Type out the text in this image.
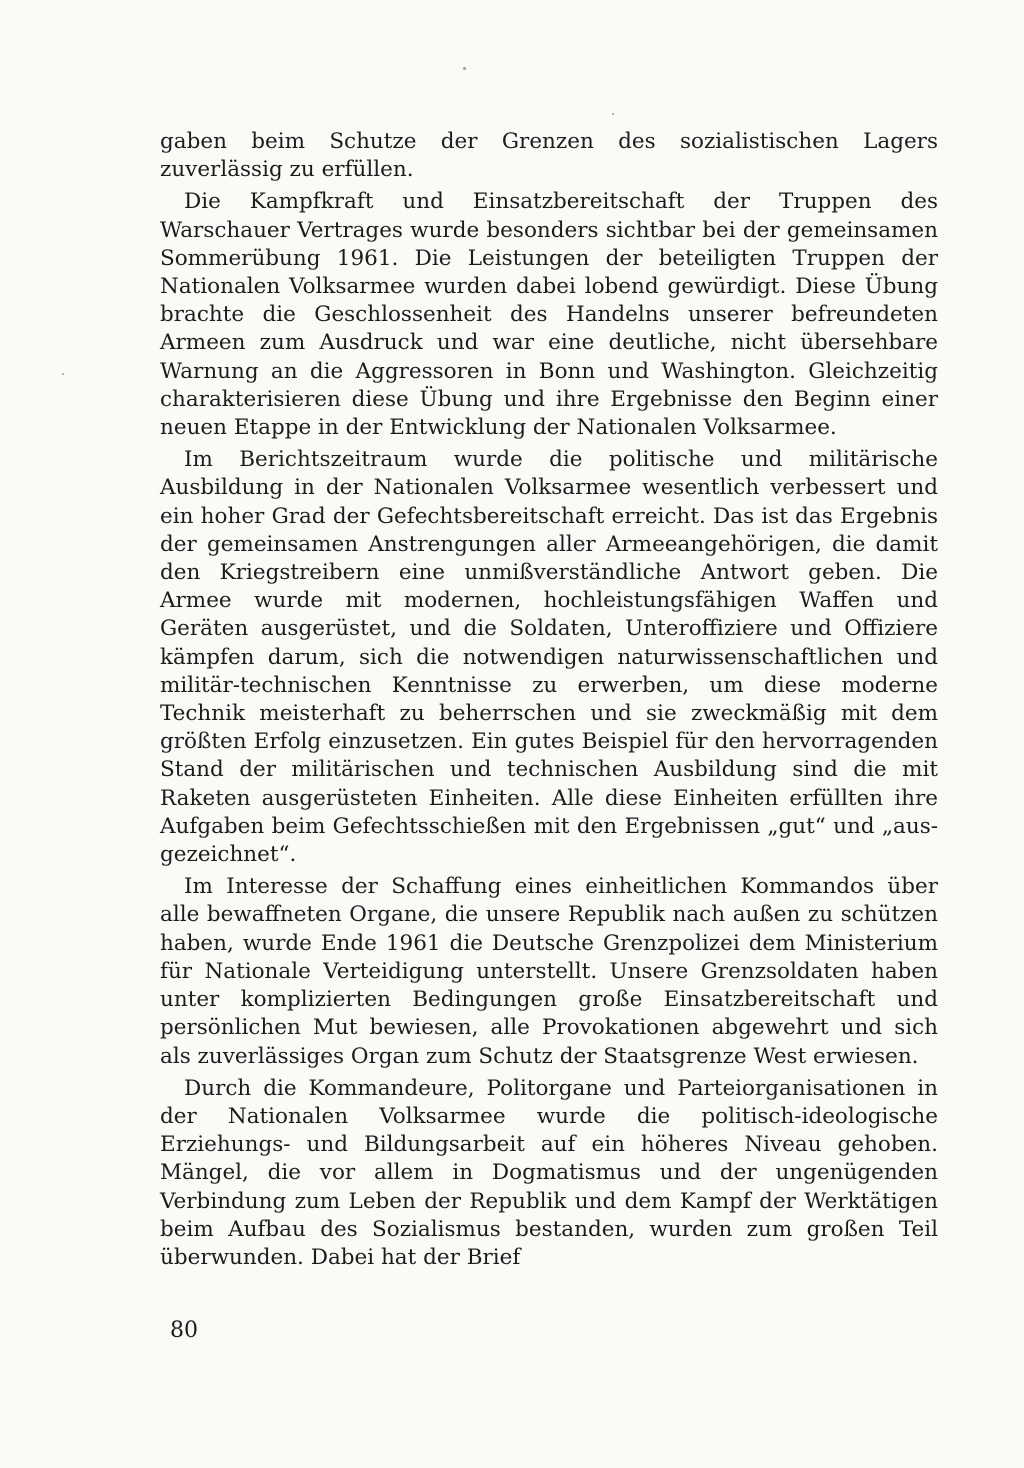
gaben beim Schutze der Grenzen des sozialistischen Lagers zuverlässig zu erfüllen.

Die Kampfkraft und Einsatzbereitschaft der Truppen des Warschauer Vertrages wurde besonders sichtbar bei der gemeinsamen Sommerübung 1961. Die Leistungen der beteiligten Truppen der Nationalen Volksarmee wurden dabei lobend gewürdigt. Diese Übung brachte die Geschlossenheit des Handelns unserer befreundeten Armeen zum Ausdruck und war eine deutliche, nicht übersehbare Warnung an die Aggressoren in Bonn und Washington. Gleichzeitig charakterisieren diese Übung und ihre Ergebnisse den Beginn einer neuen Etappe in der Entwicklung der Nationalen Volksarmee.

Im Berichtszeitraum wurde die politische und militärische Ausbildung in der Nationalen Volksarmee wesentlich verbessert und ein hoher Grad der Gefechtsbereitschaft erreicht. Das ist das Ergebnis der gemeinsamen Anstrengungen aller Armeeangehörigen, die damit den Kriegstreibern eine unmißverständliche Antwort geben. Die Armee wurde mit modernen, hochleistungsfähigen Waffen und Geräten ausgerüstet, und die Soldaten, Unteroffiziere und Offiziere kämpfen darum, sich die notwendigen naturwissenschaftlichen und militär-technischen Kenntnisse zu erwerben, um diese moderne Technik meisterhaft zu beherrschen und sie zweckmäßig mit dem größten Erfolg einzusetzen. Ein gutes Beispiel für den hervorragenden Stand der militärischen und technischen Ausbildung sind die mit Raketen ausgerüsteten Einheiten. Alle diese Einheiten erfüllten ihre Aufgaben beim Gefechtsschießen mit den Ergebnissen „gut“ und „ausgezeichnet“.

Im Interesse der Schaffung eines einheitlichen Kommandos über alle bewaffneten Organe, die unsere Republik nach außen zu schützen haben, wurde Ende 1961 die Deutsche Grenzpolizei dem Ministerium für Nationale Verteidigung unterstellt. Unsere Grenzsoldaten haben unter komplizierten Bedingungen große Einsatzbereitschaft und persönlichen Mut bewiesen, alle Provokationen abgewehrt und sich als zuverlässiges Organ zum Schutz der Staatsgrenze West erwiesen.

Durch die Kommandeure, Politorgane und Parteiorganisationen in der Nationalen Volksarmee wurde die politisch-ideologische Erziehungs- und Bildungsarbeit auf ein höheres Niveau gehoben. Mängel, die vor allem in Dogmatismus und der ungenügenden Verbindung zum Leben der Republik und dem Kampf der Werktätigen beim Aufbau des Sozialismus bestanden, wurden zum großen Teil überwunden. Dabei hat der Brief

80
